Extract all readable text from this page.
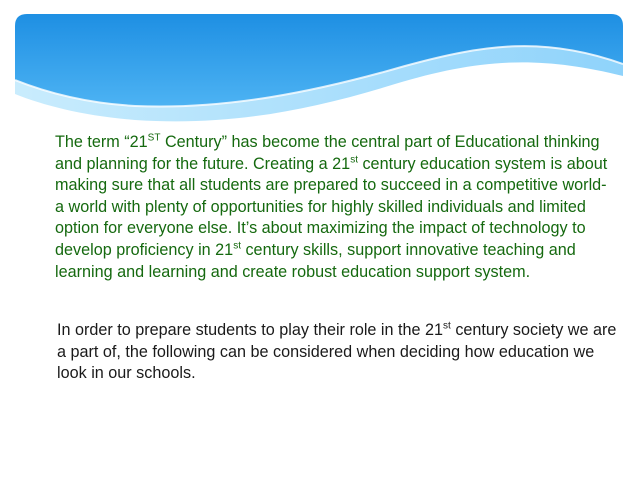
The term “21ST Century” has become the central part of Educational thinking and planning for the future. Creating a 21st century education system is about making sure that all students are prepared to succeed in a competitive world-a world with plenty of opportunities for highly skilled individuals and limited option for everyone else. It’s about maximizing the impact of technology to develop proficiency in 21st century skills, support innovative teaching and learning and learning and create robust education support system.

In order to prepare students to play their role in the 21st century society we are a part of, the following can be considered when deciding how education we look in our schools.
